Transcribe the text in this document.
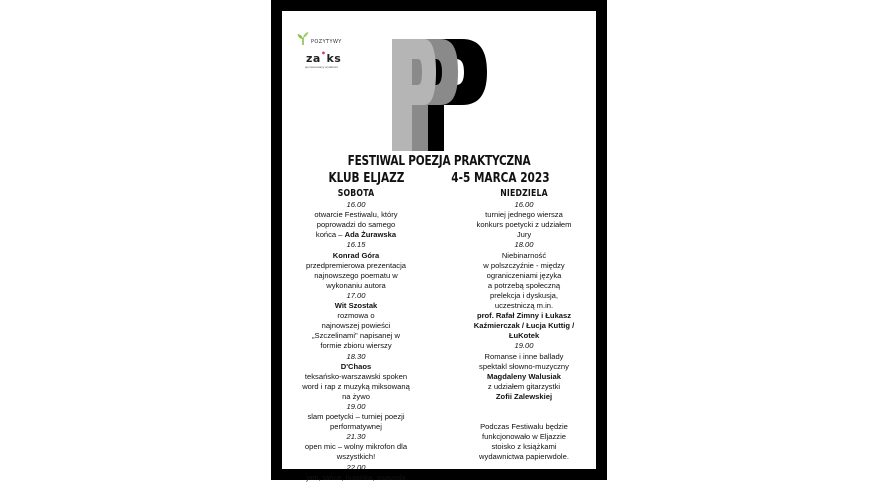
POZYTYWY
za•ks
sponsorowany wydarzeń
FESTIWAL POEZJA PRAKTYCZNA
KLUB ELJAZZ	4-5 MARCA 2023
SOBOTA
16.00
otwarcie Festiwalu, który
poprowadzi do samego
końca – Ada Żurawska
16.15
Konrad Góra
przedpremierowa prezentacja
najnowszego poematu w
wykonaniu autora
17.00
Wit Szostak
rozmowa o
najnowszej powieści
„Szczelinami" napisanej w
formie zbioru wierszy
18.30
D'Chaos
teksańsko-warszawski spoken
word i rap z muzyką miksowaną
na żywo
19.00
slam poetycki – turniej poezji
performatywnej
21.30
open mic – wolny mikrofon dla
wszystkich!
22.00
jam, tańce, hulanka, swawola
NIEDZIELA
16.00
turniej jednego wiersza
konkurs poetycki z udziałem
Jury
18.00
Niebinarność
w polszczyźnie - między
ograniczeniami języka
a potrzebą społeczną
prelekcja i dyskusja,
uczestniczą m.in.
prof. Rafał Zimny i Łukasz
Kaźmierczak / Łucja Kuttig /
ŁuKotek
19.00
Romanse i inne ballady
spektakl słowno-muzyczny
Magdaleny Walusiak
z udziałem gitarzystki
Zofii Zalewskiej
Podczas Festiwalu będzie
funkcjonowało w Eljazzie
stoisko z książkami
wydawnictwa papierwdole.
